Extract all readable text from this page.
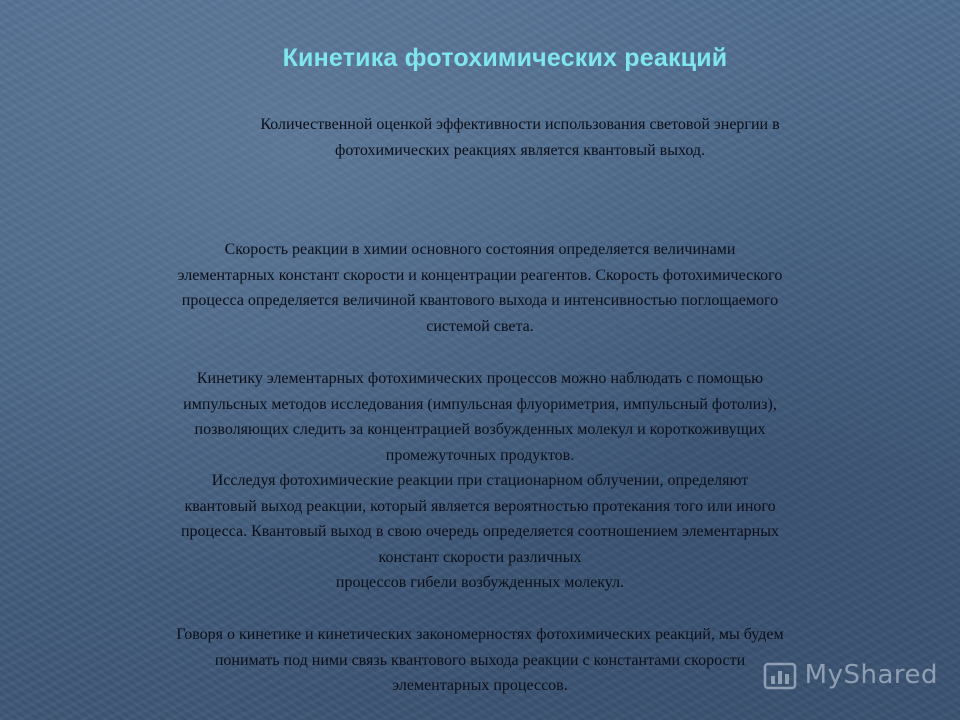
Кинетика фотохимических реакций

Количественной оценкой эффективности использования световой энергии в
фотохимических реакциях является квантовый выход.

Скорость реакции в химии основного состояния определяется величинами
элементарных констант скорости и концентрации реагентов. Скорость фотохимического
процесса определяется величиной квантового выхода и интенсивностью поглощаемого
системой света.

Кинетику элементарных фотохимических процессов можно наблюдать с помощью
импульсных методов исследования (импульсная флуориметрия, импульсный фотолиз),
позволяющих следить за концентрацией возбужденных молекул и короткоживущих
промежуточных продуктов.
Исследуя фотохимические реакции при стационарном облучении, определяют
квантовый выход реакции, который является вероятностью протекания того или иного
процесса. Квантовый выход в свою очередь определяется соотношением элементарных
констант скорости различных
процессов гибели возбужденных молекул.

Говоря о кинетике и кинетических закономерностях фотохимических реакций, мы будем
понимать под ними связь квантового выхода реакции с константами скорости
элементарных процессов.	MyShared
